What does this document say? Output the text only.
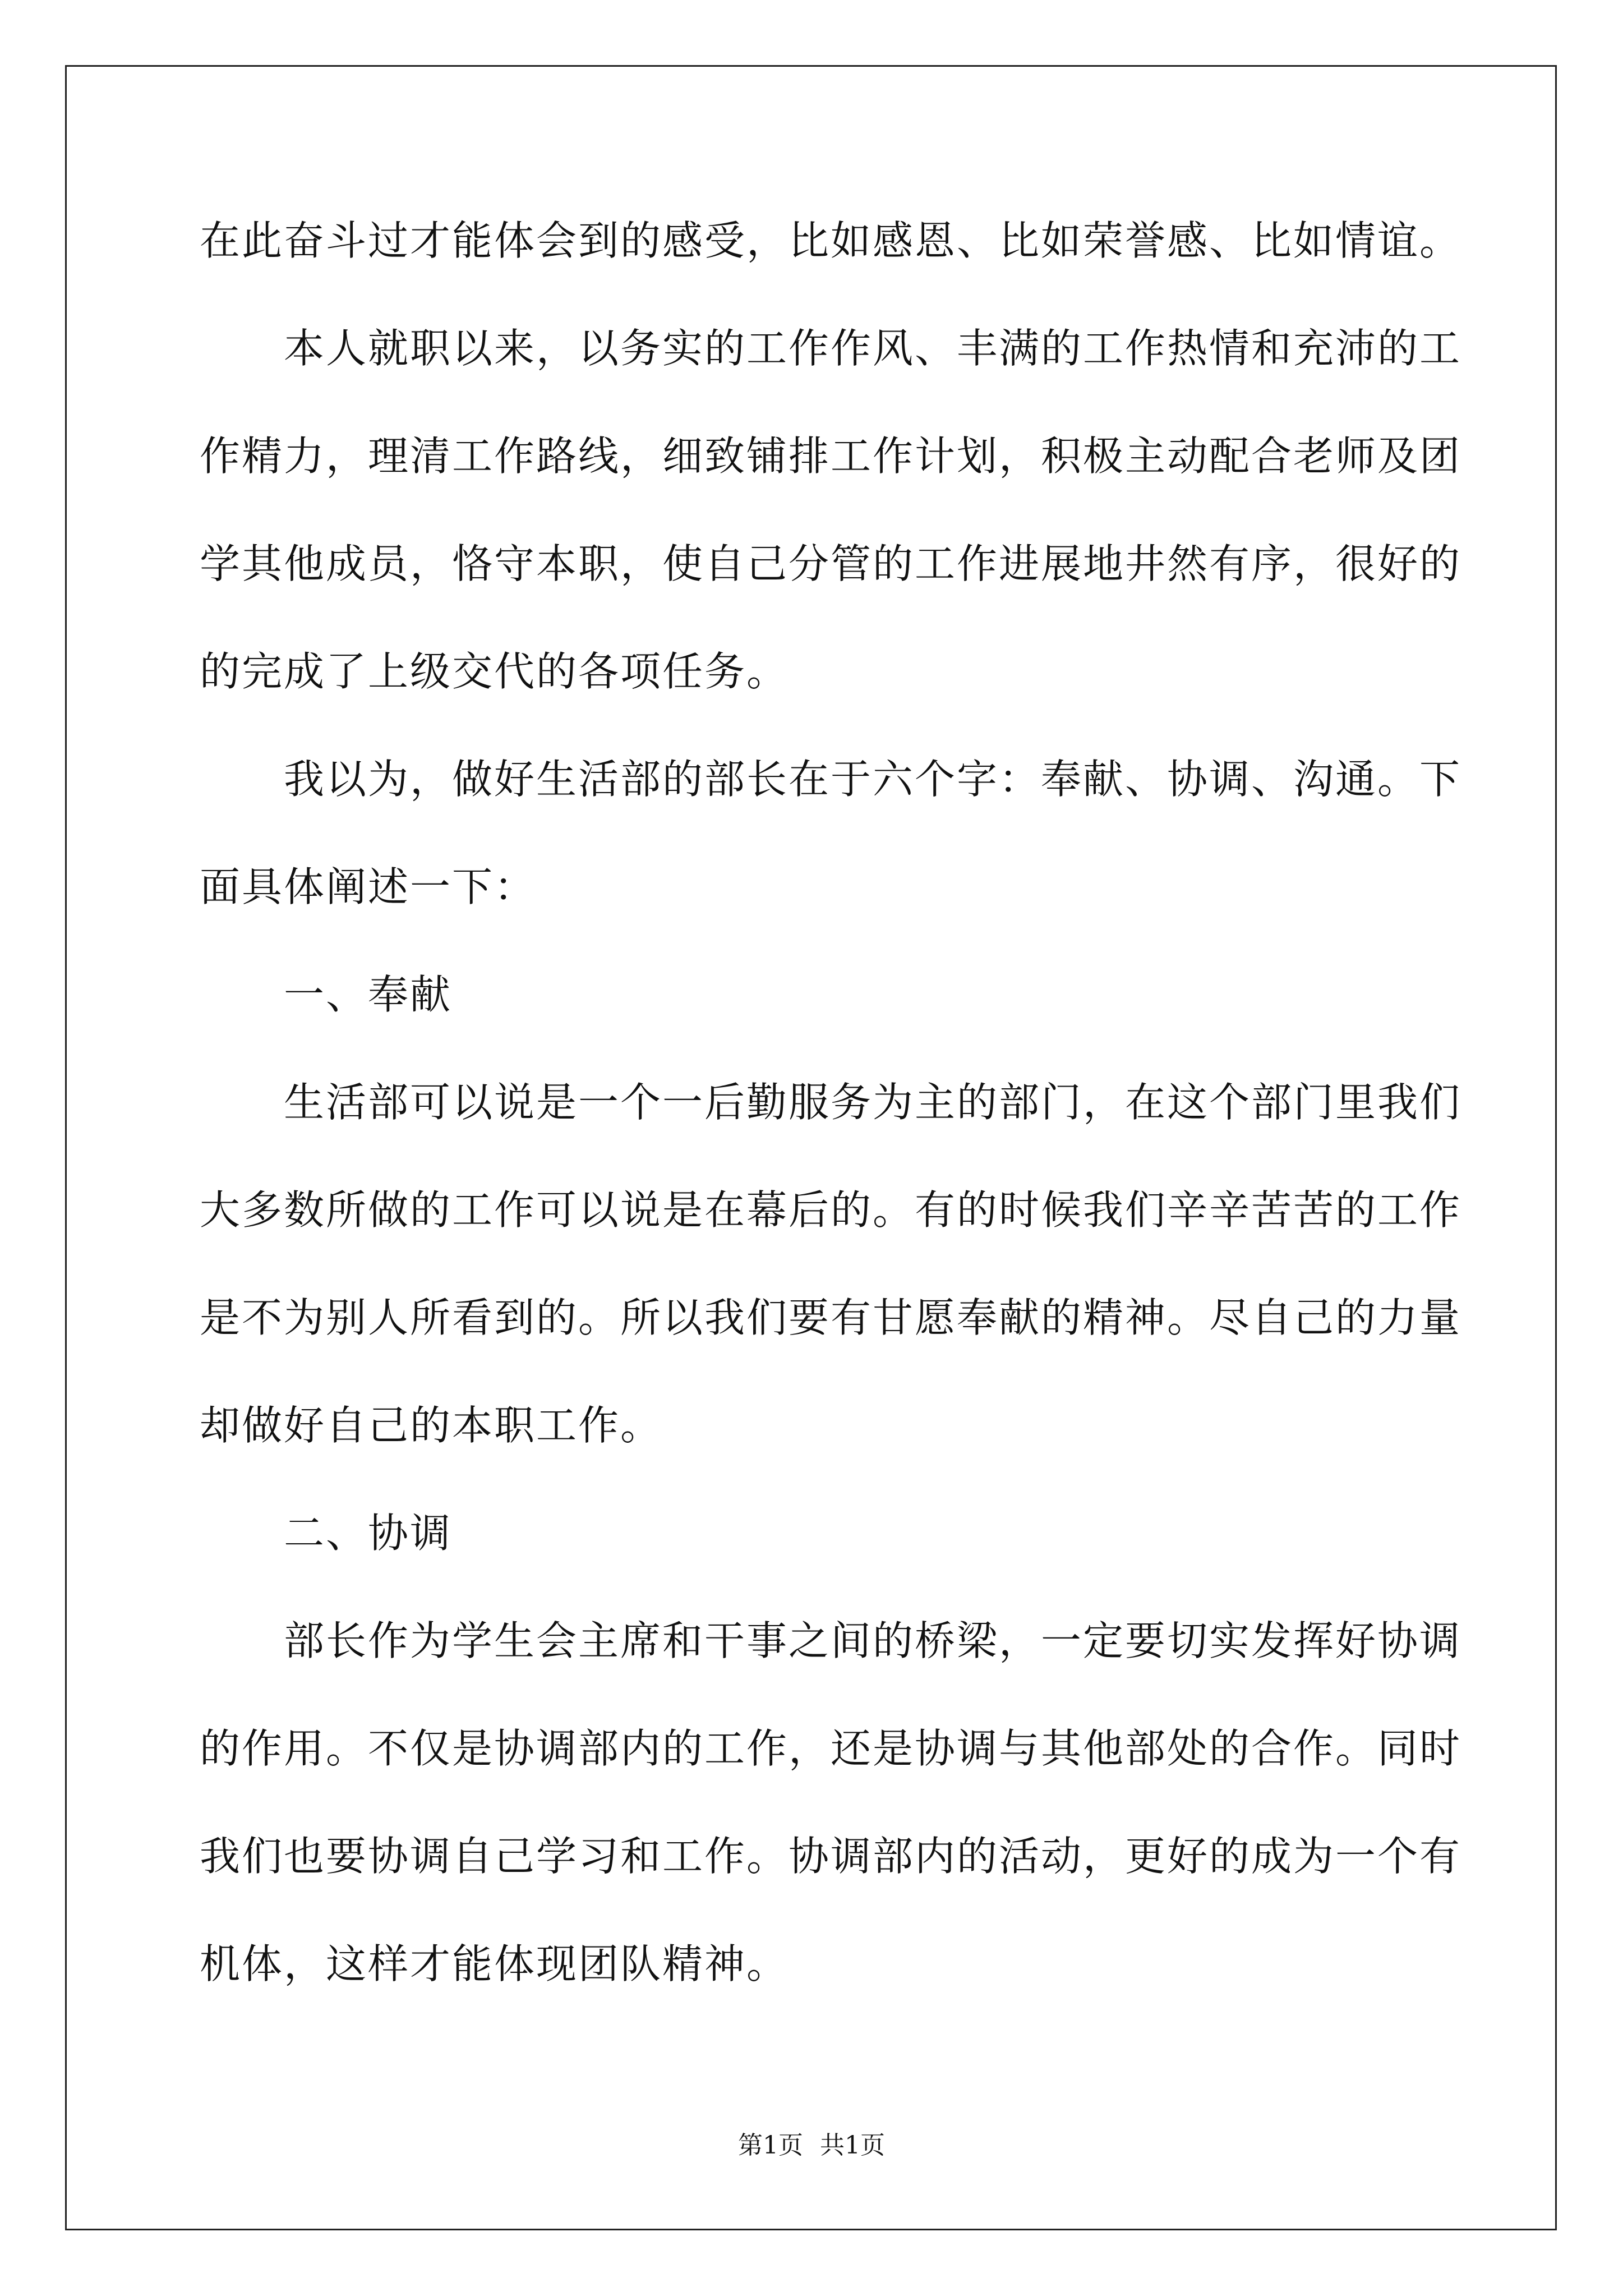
在此奋斗过才能体会到的感受，比如感恩、比如荣誉感、比如情谊。
　　本人就职以来，以务实的工作作风、丰满的工作热情和充沛的工
作精力，理清工作路线，细致铺排工作计划，积极主动配合老师及团
学其他成员，恪守本职，使自己分管的工作进展地井然有序，很好的
的完成了上级交代的各项任务。
　　我以为，做好生活部的部长在于六个字：奉献、协调、沟通。下
面具体阐述一下：
　　一、奉献
　　生活部可以说是一个一后勤服务为主的部门，在这个部门里我们
大多数所做的工作可以说是在幕后的。有的时候我们辛辛苦苦的工作
是不为别人所看到的。所以我们要有甘愿奉献的精神。尽自己的力量
却做好自己的本职工作。
　　二、协调
　　部长作为学生会主席和干事之间的桥梁，一定要切实发挥好协调
的作用。不仅是协调部内的工作，还是协调与其他部处的合作。同时
我们也要协调自己学习和工作。协调部内的活动，更好的成为一个有
机体，这样才能体现团队精神。
第1页 共1页
